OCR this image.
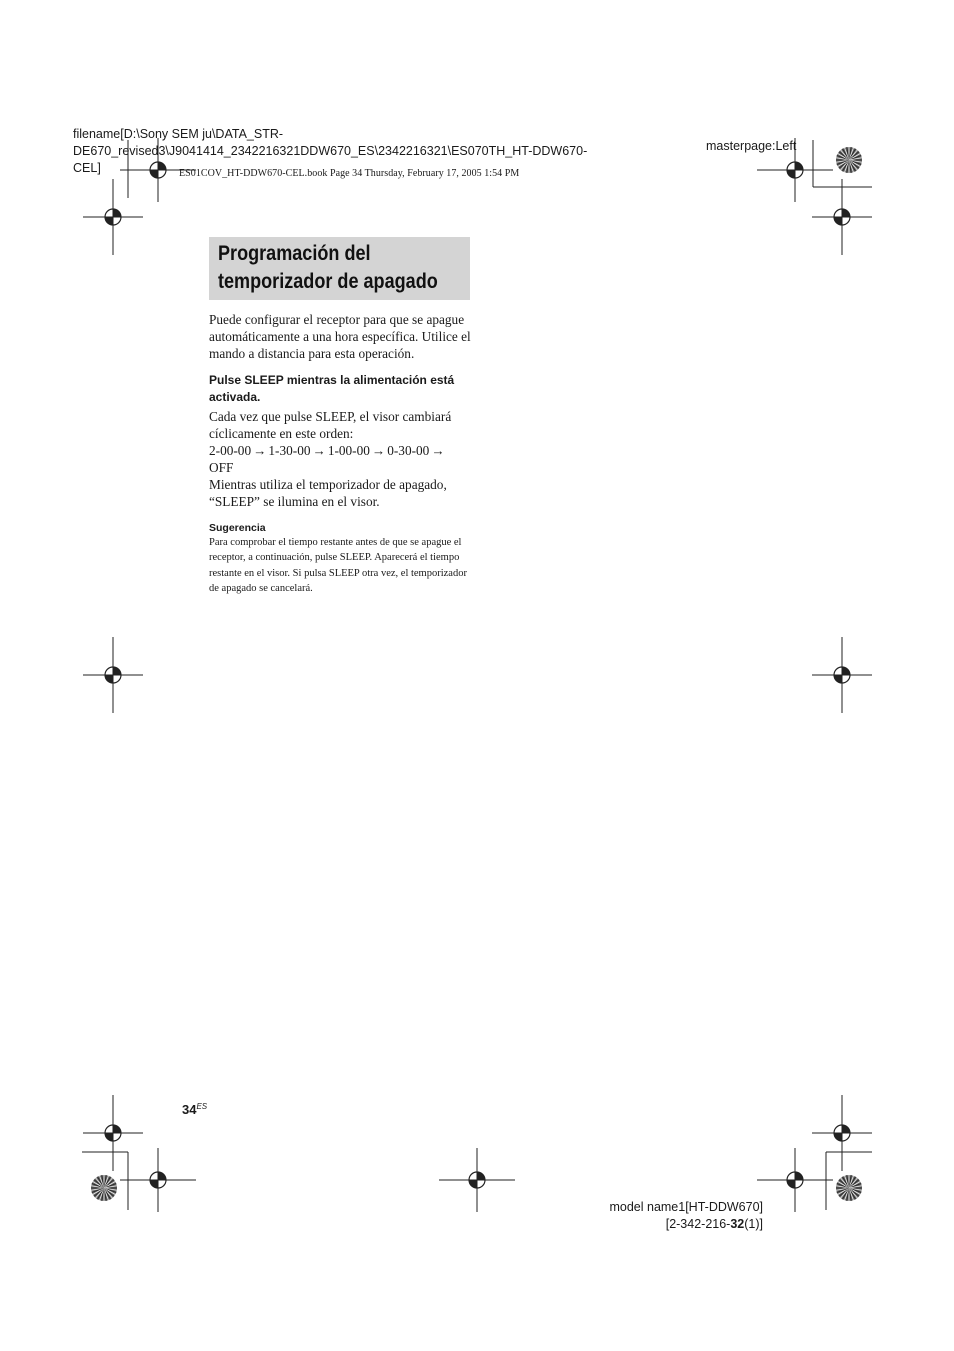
filename[D:\Sony SEM ju\DATA_STR-DE670_revised3\J9041414_2342216321DDW670_ES\2342216321\ES070TH_HT-DDW670-CEL]
masterpage:Left
ES01COV_HT-DDW670-CEL.book Page 34 Thursday, February 17, 2005 1:54 PM
Programación del
temporizador de apagado

Puede configurar el receptor para que se apague automáticamente a una hora específica. Utilice el mando a distancia para esta operación.

Pulse SLEEP mientras la alimentación está activada.

Cada vez que pulse SLEEP, el visor cambiará cíclicamente en este orden:

2-00-00 → 1-30-00 → 1-00-00 → 0-30-00 →
OFF

Mientras utiliza el temporizador de apagado, “SLEEP” se ilumina en el visor.

Sugerencia

Para comprobar el tiempo restante antes de que se apague el receptor, a continuación, pulse SLEEP. Aparecerá el tiempo restante en el visor. Si pulsa SLEEP otra vez, el temporizador de apagado se cancelará.

$34^{ES}$
model name1[HT-DDW670]
[2-342-216-32(1)]
